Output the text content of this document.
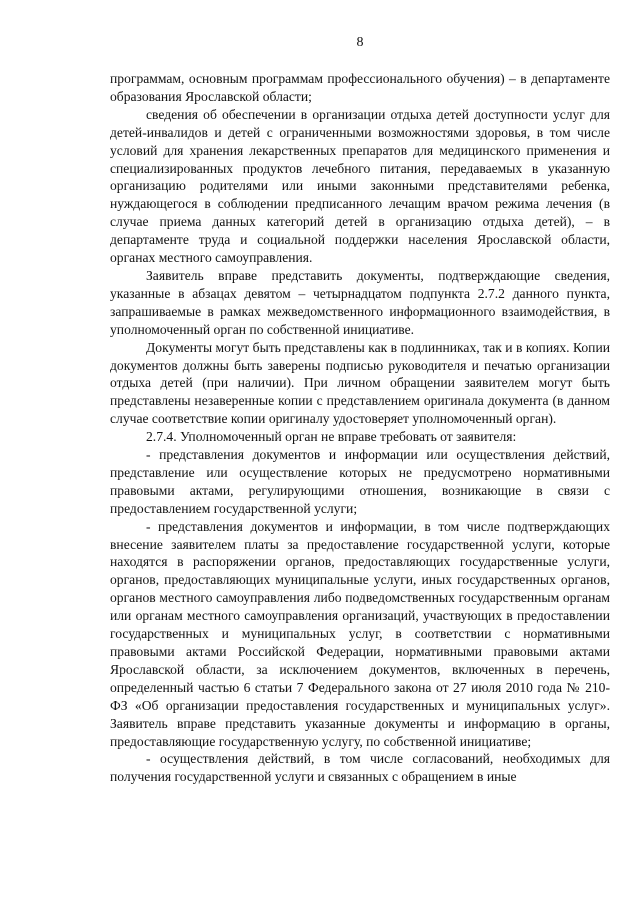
8

программам, основным программам профессионального обучения) – в департаменте образования Ярославской области;

сведения об обеспечении в организации отдыха детей доступности услуг для детей-инвалидов и детей с ограниченными возможностями здоровья, в том числе условий для хранения лекарственных препаратов для медицинского применения и специализированных продуктов лечебного питания, передаваемых в указанную организацию родителями или иными законными представителями ребенка, нуждающегося в соблюдении предписанного лечащим врачом режима лечения (в случае приема данных категорий детей в организацию отдыха детей), – в департаменте труда и социальной поддержки населения Ярославской области, органах местного самоуправления.

Заявитель вправе представить документы, подтверждающие сведения, указанные в абзацах девятом – четырнадцатом подпункта 2.7.2 данного пункта, запрашиваемые в рамках межведомственного информационного взаимодействия, в уполномоченный орган по собственной инициативе.

Документы могут быть представлены как в подлинниках, так и в копиях. Копии документов должны быть заверены подписью руководителя и печатью организации отдыха детей (при наличии). При личном обращении заявителем могут быть представлены незаверенные копии с представлением оригинала документа (в данном случае соответствие копии оригиналу удостоверяет уполномоченный орган).

2.7.4. Уполномоченный орган не вправе требовать от заявителя:

- представления документов и информации или осуществления действий, представление или осуществление которых не предусмотрено нормативными правовыми актами, регулирующими отношения, возникающие в связи с предоставлением государственной услуги;

- представления документов и информации, в том числе подтверждающих внесение заявителем платы за предоставление государственной услуги, которые находятся в распоряжении органов, предоставляющих государственные услуги, органов, предоставляющих муниципальные услуги, иных государственных органов, органов местного самоуправления либо подведомственных государственным органам или органам местного самоуправления организаций, участвующих в предоставлении государственных и муниципальных услуг, в соответствии с нормативными правовыми актами Российской Федерации, нормативными правовыми актами Ярославской области, за исключением документов, включенных в перечень, определенный частью 6 статьи 7 Федерального закона от 27 июля 2010 года № 210-ФЗ «Об организации предоставления государственных и муниципальных услуг». Заявитель вправе представить указанные документы и информацию в органы, предоставляющие государственную услугу, по собственной инициативе;

- осуществления действий, в том числе согласований, необходимых для получения государственной услуги и связанных с обращением в иные
